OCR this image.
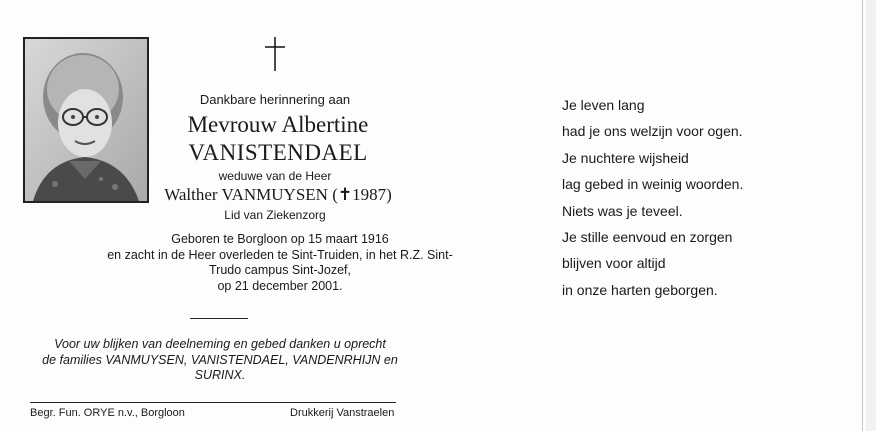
Dankbare herinnering aan
Mevrouw Albertine
VANISTENDAEL
weduwe van de Heer
Walther VANMUYSEN (✝1987)
Lid van Ziekenzorg
Geboren te Borgloon op 15 maart 1916
en zacht in de Heer overleden te Sint-Truiden, in het R.Z. Sint-
Trudo campus Sint-Jozef,
op 21 december 2001.
Voor uw blijken van deelneming en gebed danken u oprecht
de families VANMUYSEN, VANISTENDAEL, VANDENRHIJN en
SURINX.
Begr. Fun. ORYE n.v., Borgloon	Drukkerij Vanstraelen
Je leven lang
had je ons welzijn voor ogen.
Je nuchtere wijsheid
lag gebed in weinig woorden.
Niets was je teveel.
Je stille eenvoud en zorgen
blijven voor altijd
in onze harten geborgen.
